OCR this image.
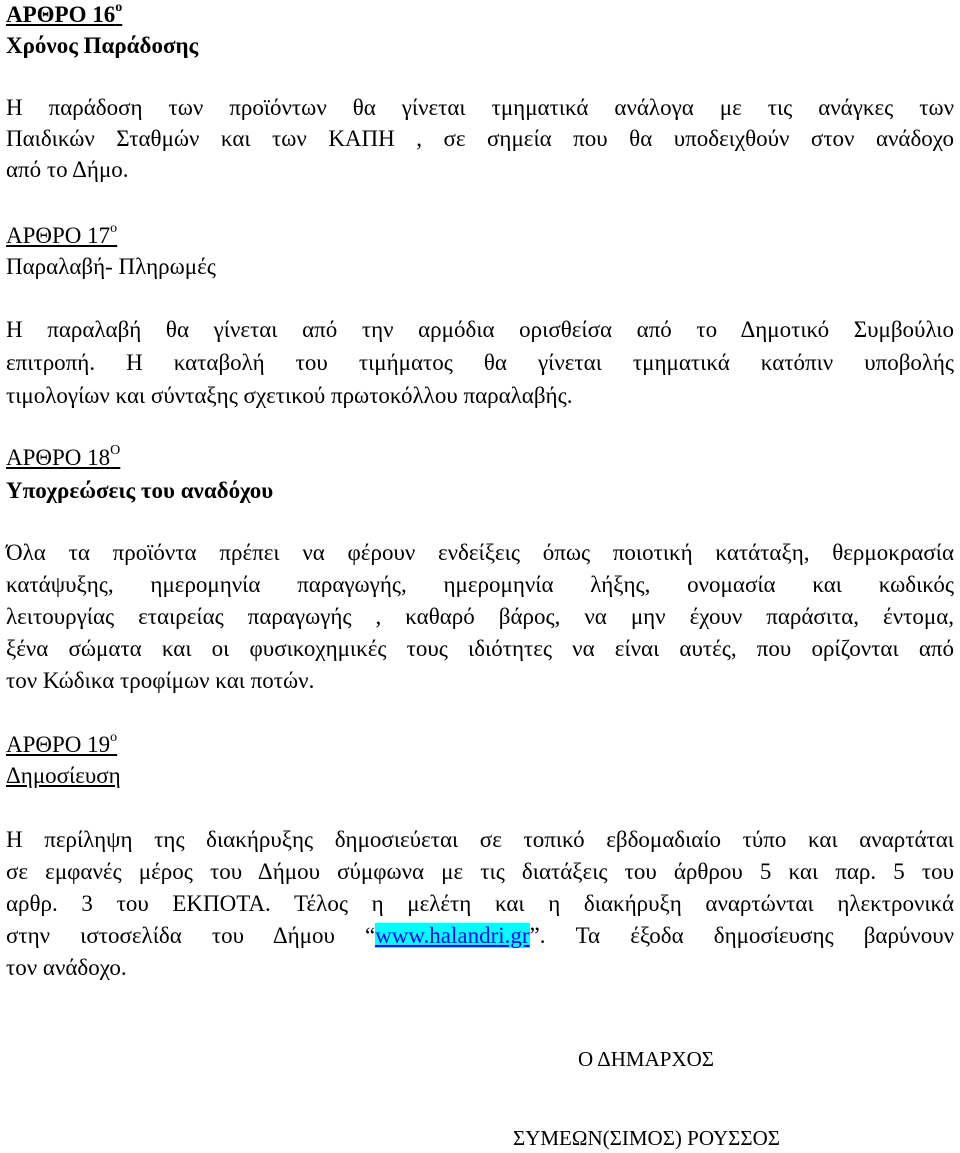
ΑΡΘΡΟ $16^o$
Χρόνος Παράδοσης
Η παράδοση των προϊόντων θα γίνεται τμηματικά ανάλογα με τις ανάγκες των
Παιδικών Σταθμών και των ΚΑΠΗ , σε σημεία που θα υποδειχθούν στον ανάδοχο
από το Δήμο.
ΑΡΘΡΟ $17^o$
Παραλαβή- Πληρωμές
Η παραλαβή θα γίνεται από την αρμόδια ορισθείσα από το Δημοτικό Συμβούλιο
επιτροπή. Η καταβολή του τιμήματος θα γίνεται τμηματικά κατόπιν υποβολής
τιμολογίων και σύνταξης σχετικού πρωτοκόλλου παραλαβής.
ΑΡΘΡΟ $18^O$
Υποχρεώσεις του αναδόχου
Όλα τα προϊόντα πρέπει να φέρουν ενδείξεις όπως ποιοτική κατάταξη, θερμοκρασία
κατάψυξης, ημερομηνία παραγωγής, ημερομηνία λήξης, ονομασία και κωδικός
λειτουργίας εταιρείας παραγωγής , καθαρό βάρος, να μην έχουν παράσιτα, έντομα,
ξένα σώματα και οι φυσικοχημικές τους ιδιότητες να είναι αυτές, που ορίζονται από
τον Κώδικα τροφίμων και ποτών.
ΑΡΘΡΟ $19^o$
Δημοσίευση
Η περίληψη της διακήρυξης δημοσιεύεται σε τοπικό εβδομαδιαίο τύπο και αναρτάται
σε εμφανές μέρος του Δήμου σύμφωνα με τις διατάξεις του άρθρου 5 και παρ. 5 του
αρθρ. 3 του ΕΚΠΟΤΑ. Τέλος η μελέτη και η διακήρυξη αναρτώνται ηλεκτρονικά
στην ιστοσελίδα του Δήμου “www.halandri.gr”. Τα έξοδα δημοσίευσης βαρύνουν
τον ανάδοχο.
Ο ΔΗΜΑΡΧΟΣ
ΣΥΜΕΩΝ(ΣΙΜΟΣ) ΡΟΥΣΣΟΣ
